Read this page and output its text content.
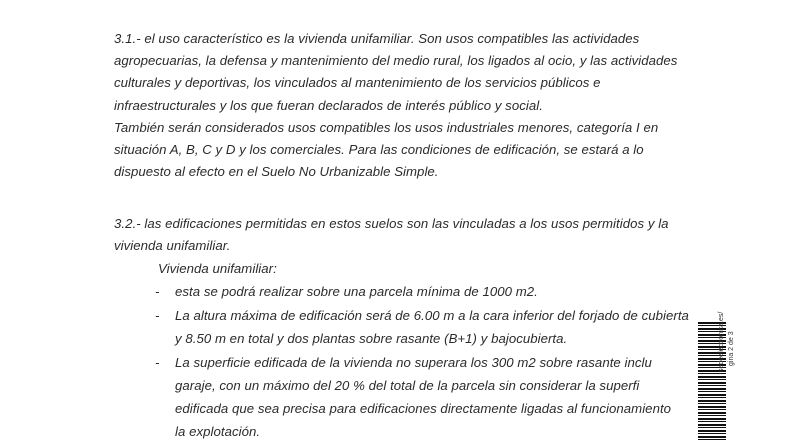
3.1.- el uso característico es la vivienda unifamiliar. Son usos compatibles las actividades
agropecuarias, la defensa y mantenimiento del medio rural, los ligados al ocio, y las actividades
culturales y deportivas, los vinculados al mantenimiento de los servicios públicos e
infraestructurales y los que fueran declarados de interés público y social.
También serán considerados usos compatibles los usos industriales menores, categoría I en
situación A, B, C y D y los comerciales. Para las condiciones de edificación, se estará a lo
dispuesto al efecto en el Suelo No Urbanizable Simple.
3.2.- las edificaciones permitidas en estos suelos son las vinculadas a los usos permitidos y la
vivienda unifamiliar.
Vivienda unifamiliar:
- esta se podrá realizar sobre una parcela mínima de 1000 m2.
- La altura máxima de edificación será de 6.00 m a la cara inferior del forjado de cubierta
y 8.50 m en total y dos plantas sobre rasante (B+1) y bajocubierta.
- La superficie edificada de la vivienda no superara los 300 m2 sobre rasante inclu
garaje, con un máximo del 20 % del total de la parcela sin considerar la superfi
edificada que sea precisa para edificaciones directamente ligadas al funcionamiento
la explotación.
sedeelectronica.es/ gina 2 de 3
